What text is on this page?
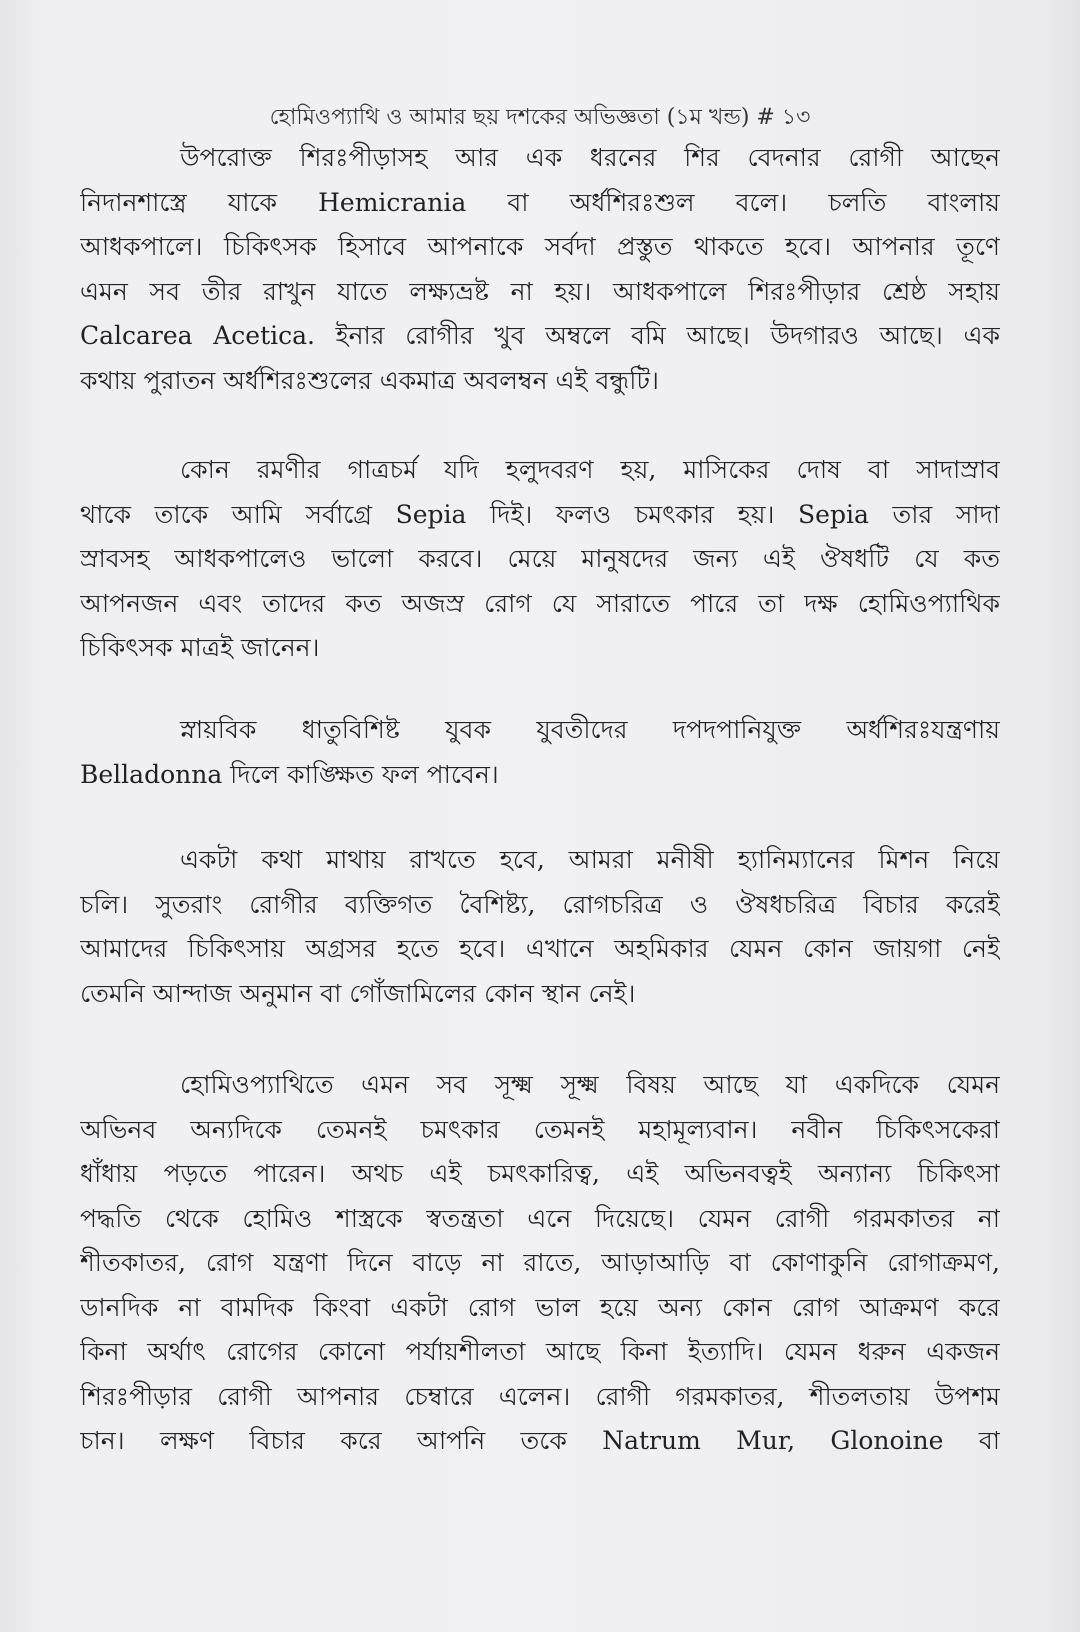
হোমিওপ্যাথি ও আমার ছয় দশকের অভিজ্ঞতা (১ম খন্ড) # ১৩
উপরোক্ত শিরঃপীড়াসহ আর এক ধরনের শির বেদনার রোগী আছেন
নিদানশাস্ত্রে যাকে Hemicrania বা অর্ধশিরঃশুল বলে। চলতি বাংলায়
আধকপালে। চিকিৎসক হিসাবে আপনাকে সর্বদা প্রস্তুত থাকতে হবে। আপনার তূণে
এমন সব তীর রাখুন যাতে লক্ষ্যভ্রষ্ট না হয়। আধকপালে শিরঃপীড়ার শ্রেষ্ঠ সহায়
Calcarea Acetica. ইনার রোগীর খুব অম্বলে বমি আছে। উদগারও আছে। এক
কথায় পুরাতন অর্ধশিরঃশুলের একমাত্র অবলম্বন এই বন্ধুটি।
কোন রমণীর গাত্রচর্ম যদি হলুদবরণ হয়, মাসিকের দোষ বা সাদাস্রাব
থাকে তাকে আমি সর্বাগ্রে Sepia দিই। ফলও চমৎকার হয়। Sepia তার সাদা
স্রাবসহ আধকপালেও ভালো করবে। মেয়ে মানুষদের জন্য এই ঔষধটি যে কত
আপনজন এবং তাদের কত অজস্র রোগ যে সারাতে পারে তা দক্ষ হোমিওপ্যাথিক
চিকিৎসক মাত্রই জানেন।
স্নায়বিক ধাতুবিশিষ্ট যুবক যুবতীদের দপদপানিযুক্ত অর্ধশিরঃযন্ত্রণায়
Belladonna দিলে কাঙ্ক্ষিত ফল পাবেন।
একটা কথা মাথায় রাখতে হবে, আমরা মনীষী হ্যানিম্যানের মিশন নিয়ে
চলি। সুতরাং রোগীর ব্যক্তিগত বৈশিষ্ট্য, রোগচরিত্র ও ঔষধচরিত্র বিচার করেই
আমাদের চিকিৎসায় অগ্রসর হতে হবে। এখানে অহমিকার যেমন কোন জায়গা নেই
তেমনি আন্দাজ অনুমান বা গোঁজামিলের কোন স্থান নেই।
হোমিওপ্যাথিতে এমন সব সূক্ষ্ম সূক্ষ্ম বিষয় আছে যা একদিকে যেমন
অভিনব অন্যদিকে তেমনই চমৎকার তেমনই মহামূল্যবান। নবীন চিকিৎসকেরা
ধাঁধায় পড়তে পারেন। অথচ এই চমৎকারিত্ব, এই অভিনবত্বই অন্যান্য চিকিৎসা
পদ্ধতি থেকে হোমিও শাস্ত্রকে স্বতন্ত্রতা এনে দিয়েছে। যেমন রোগী গরমকাতর না
শীতকাতর, রোগ যন্ত্রণা দিনে বাড়ে না রাতে, আড়াআড়ি বা কোণাকুনি রোগাক্রমণ,
ডানদিক না বামদিক কিংবা একটা রোগ ভাল হয়ে অন্য কোন রোগ আক্রমণ করে
কিনা অর্থাৎ রোগের কোনো পর্যায়শীলতা আছে কিনা ইত্যাদি। যেমন ধরুন একজন
শিরঃপীড়ার রোগী আপনার চেম্বারে এলেন। রোগী গরমকাতর, শীতলতায় উপশম
চান। লক্ষণ বিচার করে আপনি তকে Natrum Mur, Glonoine বা
